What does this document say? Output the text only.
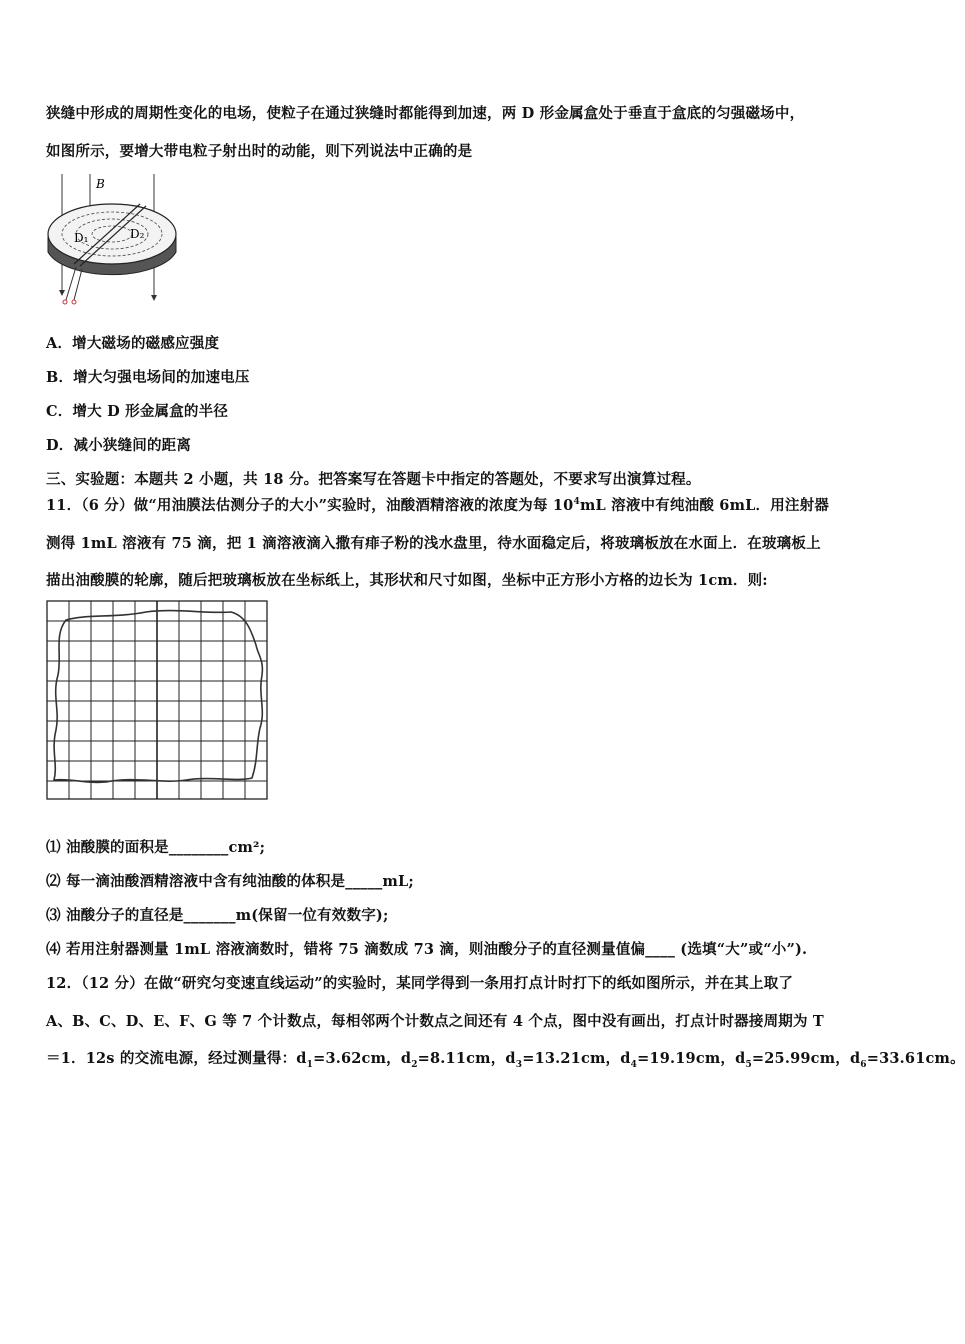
狭缝中形成的周期性变化的电场，使粒子在通过狭缝时都能得到加速，两 D 形金属盒处于垂直于盒底的匀强磁场中，
如图所示，要增大带电粒子射出时的动能，则下列说法中正确的是
B
D₁	D₂
A．增大磁场的磁感应强度
B．增大匀强电场间的加速电压
C．增大 D 形金属盒的半径
D．减小狭缝间的距离
三、实验题：本题共 2 小题，共 18 分。把答案写在答题卡中指定的答题处，不要求写出演算过程。
11．（6 分）做“用油膜法估测分子的大小”实验时，油酸酒精溶液的浓度为每 $10^4mL$ 溶液中有纯油酸 6mL．用注射器
测得 1mL 溶液有 75 滴，把 1 滴溶液滴入撒有痱子粉的浅水盘里，待水面稳定后，将玻璃板放在水面上．在玻璃板上
描出油酸膜的轮廓，随后把玻璃板放在坐标纸上，其形状和尺寸如图，坐标中正方形小方格的边长为 1cm．则:
⑴ 油酸膜的面积是________cm²;
⑵ 每一滴油酸酒精溶液中含有纯油酸的体积是_____mL;
⑶ 油酸分子的直径是_______m(保留一位有效数字);
⑷ 若用注射器测量 1mL 溶液滴数时，错将 75 滴数成 73 滴，则油酸分子的直径测量值偏____ (选填“大”或“小”).
12．（12 分）在做“研究匀变速直线运动”的实验时，某同学得到一条用打点计时打下的纸如图所示，并在其上取了
A、B、C、D、E、F、G 等 7 个计数点，每相邻两个计数点之间还有 4 个点，图中没有画出，打点计时器接周期为 T
＝1．12s 的交流电源，经过测量得：$d_1=3.62cm$，$d_2=8.11cm$，$d_3=13.21cm$，$d_4=19.19cm$，$d_5=25.99cm$，$d_6=33.61cm$。
